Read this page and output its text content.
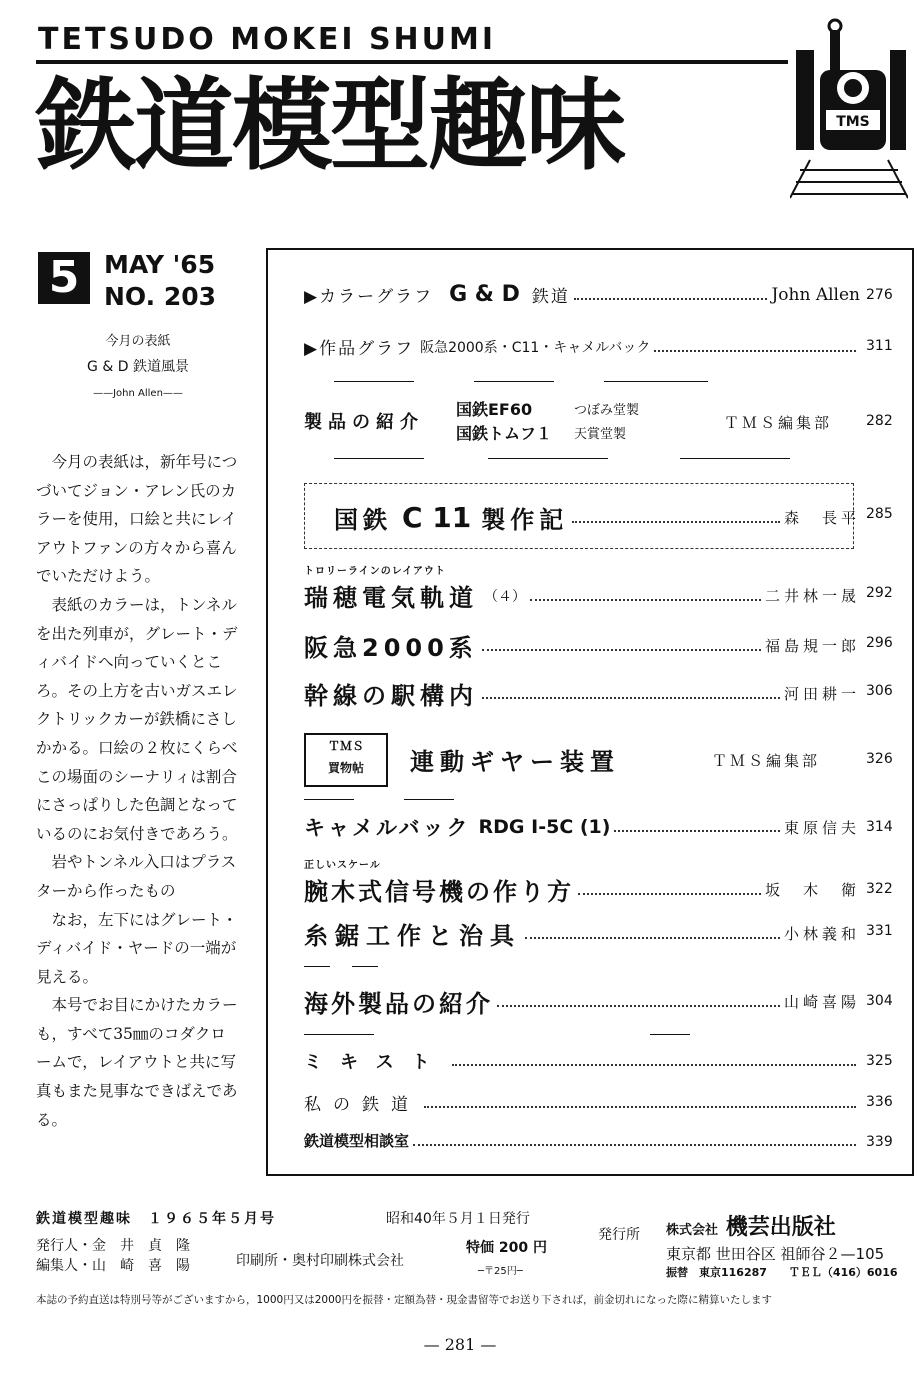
TETSUDO MOKEI SHUMI
鉄道模型趣味	TMS
5 MAY '65
NO. 203
今月の表紙
G & D 鉄道風景
——John Allen——

今月の表紙は，新年号につづいてジョン・アレン氏のカラーを使用，口絵と共にレイアウトファンの方々から喜んでいただけよう。

表紙のカラーは，トンネルを出た列車が，グレート・ディバイドへ向っていくところ。その上方を古いガスエレクトリックカーが鉄橋にさしかかる。口絵の２枚にくらべこの場面のシーナリィは割合にさっぱりした色調となっているのにお気付きであろう。

岩やトンネル入口はプラスターから作ったもの

なお，左下にはグレート・ディバイド・ヤードの一端が見える。

本号でお目にかけたカラーも，すべて35㎜のコダクロームで，レイアウトと共に写真もまた見事なできばえである。

▶カラーグラフ G & D 鉄道	John Allen 276
▶作品グラフ 阪急2000系・C11・キャメルバック	311
製品の紹介
国鉄EF60	つぼみ堂製
国鉄トムフ１ 天賞堂製
ＴＭＳ編集部 282
国鉄 C 11 製作記	森　長平 285
トロリーラインのレイアウト
瑞穂電気軌道 （４）	二井林一晟 292
阪急2000系	福島規一郎 296
幹線の駅構内	河田耕一 306
ＴＭＳ
買物帖	連動ギヤー装置	ＴＭＳ編集部	326
キャメルバック RDG I-5C (1)	東原信夫 314
正しいスケール
腕木式信号機の作り方	坂　木　衛 322
糸鋸工作と治具	小林義和 331
海外製品の紹介	山崎喜陽 304
ミキスト	325
私の鉄道	336
鉄道模型相談室	339
鉄道模型趣味　１９６５年５月号	昭和40年５月１日発行
発行人・金　井　貞　隆
編集人・山　崎　喜　陽	印刷所・奥村印刷株式会社
特価 200 円
─〒25円─
発行所 株式会社 機芸出版社
東京都 世田谷区 祖師谷２—105
振替　東京116287　　ＴＥＬ（416）6016
本誌の予約直送は特別号等がございますから，1000円又は2000円を振替・定額為替・現金書留等でお送り下されば，前金切れになった際に精算いたします
— 281 —
